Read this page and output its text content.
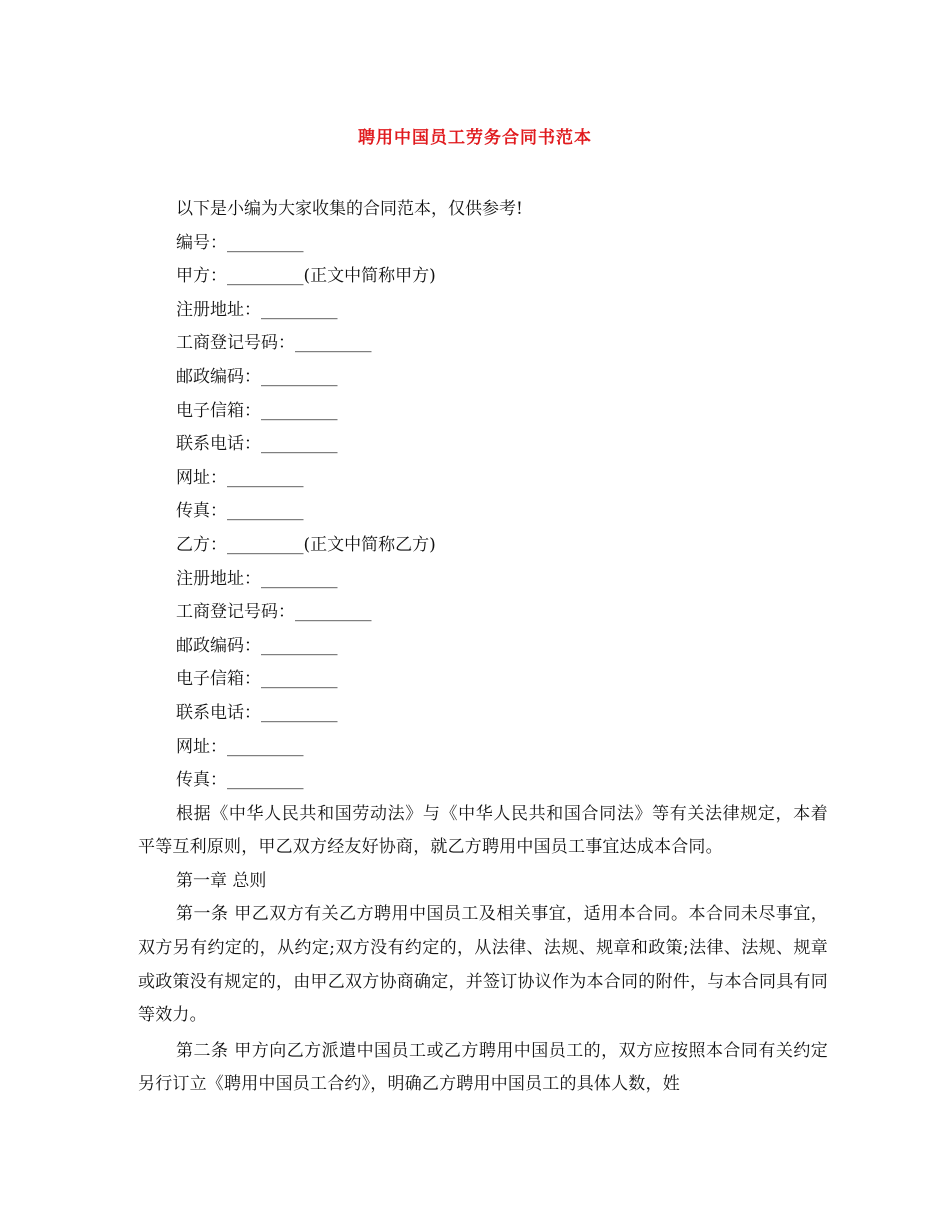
聘用中国员工劳务合同书范本

以下是小编为大家收集的合同范本，仅供参考!

编号：_________

甲方：_________(正文中简称甲方)

注册地址：_________

工商登记号码：_________

邮政编码：_________

电子信箱：_________

联系电话：_________

网址：_________

传真：_________

乙方：_________(正文中简称乙方)

注册地址：_________

工商登记号码：_________

邮政编码：_________

电子信箱：_________

联系电话：_________

网址：_________

传真：_________

根据《中华人民共和国劳动法》与《中华人民共和国合同法》等有关法律规定，本着平等互利原则，甲乙双方经友好协商，就乙方聘用中国员工事宜达成本合同。

第一章 总则

第一条 甲乙双方有关乙方聘用中国员工及相关事宜，适用本合同。本合同未尽事宜，双方另有约定的，从约定;双方没有约定的，从法律、法规、规章和政策;法律、法规、规章或政策没有规定的，由甲乙双方协商确定，并签订协议作为本合同的附件，与本合同具有同等效力。

第二条 甲方向乙方派遣中国员工或乙方聘用中国员工的，双方应按照本合同有关约定另行订立《聘用中国员工合约》，明确乙方聘用中国员工的具体人数，姓
